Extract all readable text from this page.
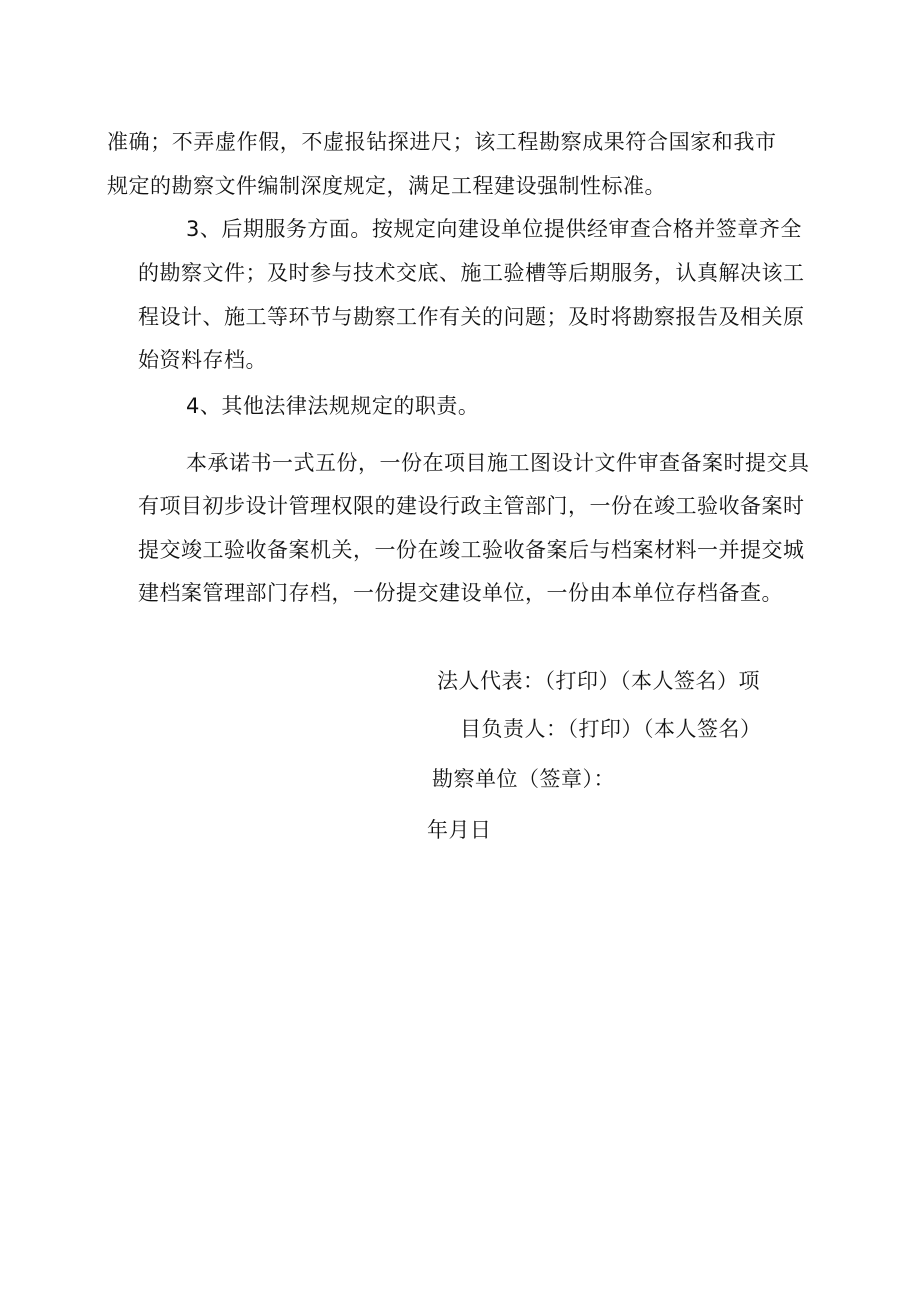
准确；不弄虚作假，不虚报钻探进尺；该工程勘察成果符合国家和我市
规定的勘察文件编制深度规定，满足工程建设强制性标准。
3、后期服务方面。按规定向建设单位提供经审查合格并签章齐全
的勘察文件；及时参与技术交底、施工验槽等后期服务，认真解决该工
程设计、施工等环节与勘察工作有关的问题；及时将勘察报告及相关原
始资料存档。
4、其他法律法规规定的职责。
本承诺书一式五份，一份在项目施工图设计文件审查备案时提交具
有项目初步设计管理权限的建设行政主管部门，一份在竣工验收备案时
提交竣工验收备案机关，一份在竣工验收备案后与档案材料一并提交城
建档案管理部门存档，一份提交建设单位，一份由本单位存档备查。
法人代表：（打印）（本人签名）项
目负责人：（打印）（本人签名）
勘察单位（签章）：
年月日
